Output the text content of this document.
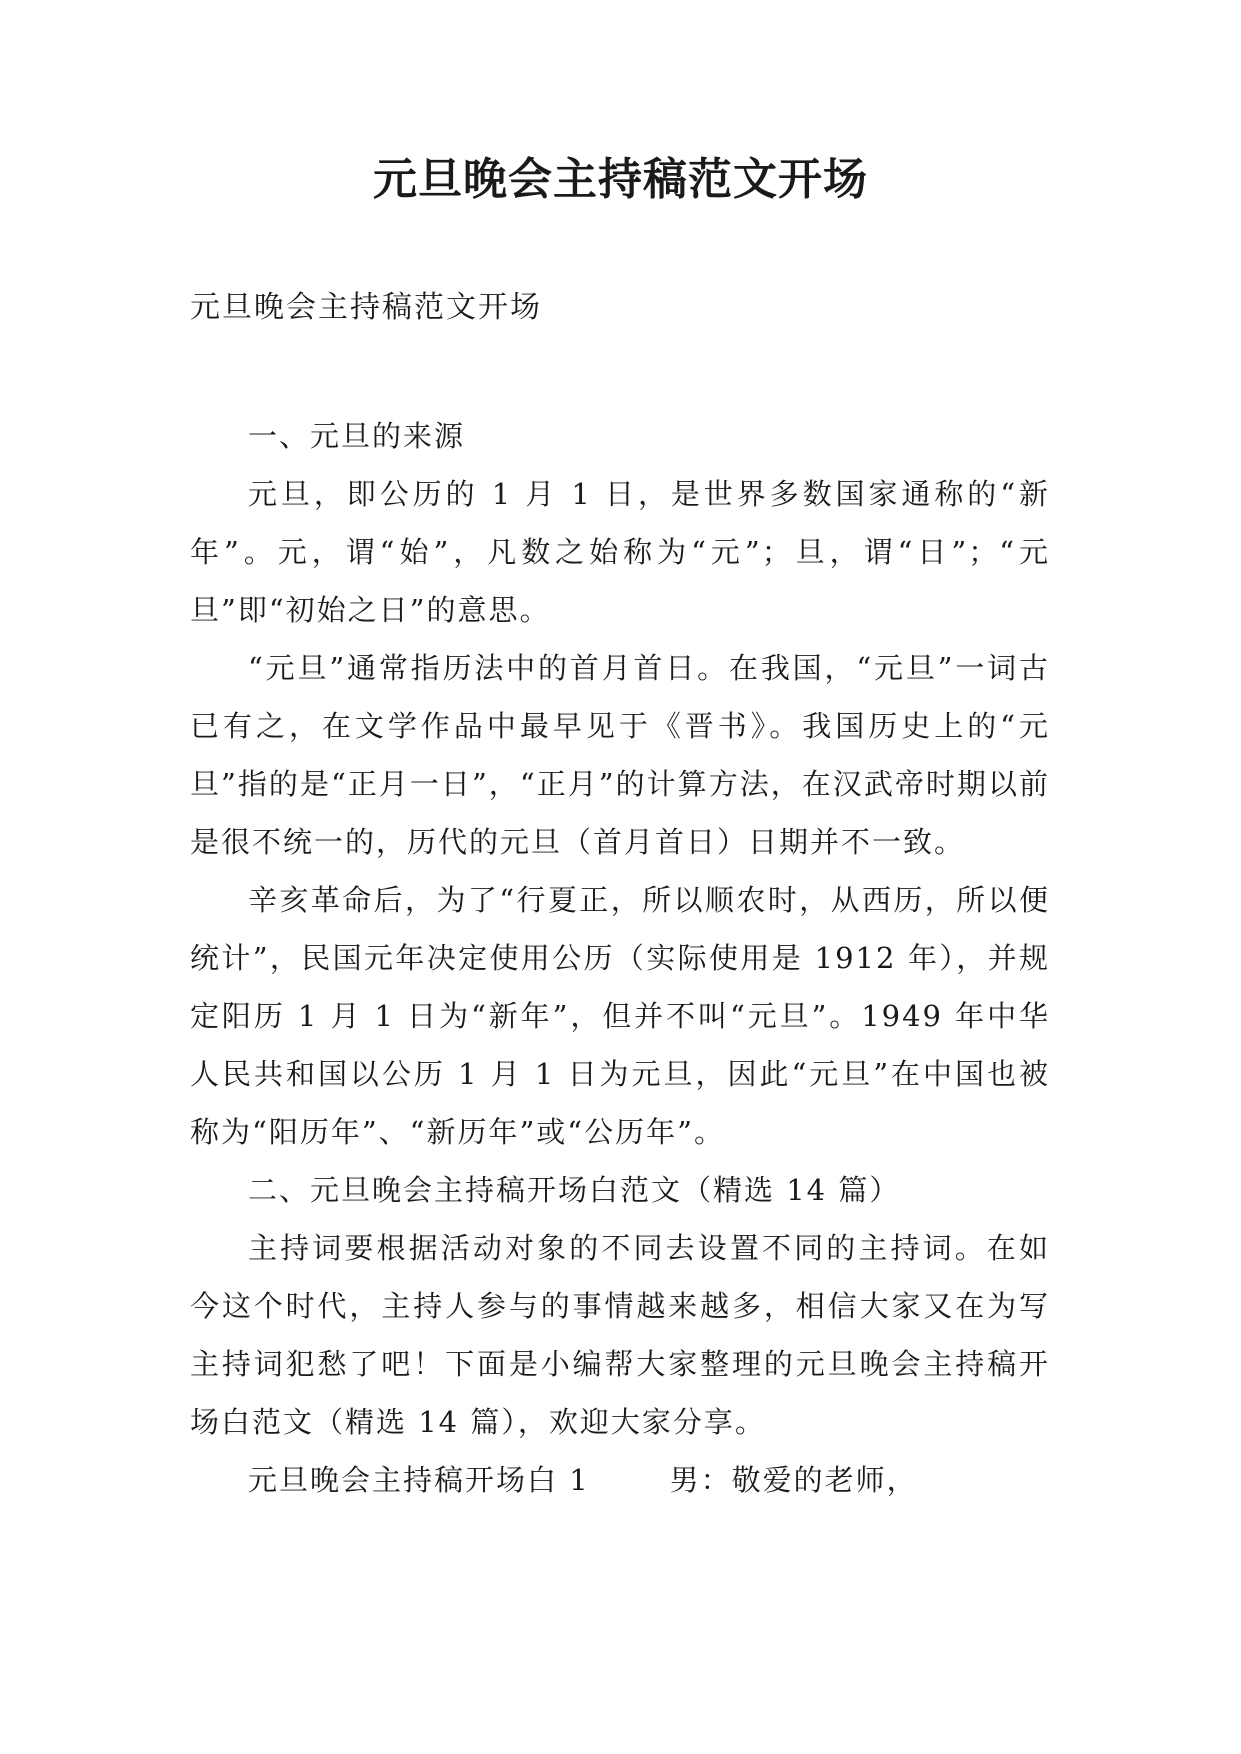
元旦晚会主持稿范文开场

元旦晚会主持稿范文开场

一、元旦的来源

元旦，即公历的 1 月 1 日，是世界多数国家通称的“新年”。元，谓“始”，凡数之始称为“元”；旦，谓“日”；“元旦”即“初始之日”的意思。

“元旦”通常指历法中的首月首日。在我国，“元旦”一词古已有之，在文学作品中最早见于《晋书》。我国历史上的“元旦”指的是“正月一日”，“正月”的计算方法，在汉武帝时期以前是很不统一的，历代的元旦（首月首日）日期并不一致。

辛亥革命后，为了“行夏正，所以顺农时，从西历，所以便统计”，民国元年决定使用公历（实际使用是 1912 年），并规定阳历 1 月 1 日为“新年”，但并不叫“元旦”。1949 年中华人民共和国以公历 1 月 1 日为元旦，因此“元旦”在中国也被称为“阳历年”、“新历年”或“公历年”。

二、元旦晚会主持稿开场白范文（精选 14 篇）

主持词要根据活动对象的不同去设置不同的主持词。在如今这个时代，主持人参与的事情越来越多，相信大家又在为写主持词犯愁了吧！下面是小编帮大家整理的元旦晚会主持稿开场白范文（精选 14 篇），欢迎大家分享。

元旦晚会主持稿开场白 1	男：敬爱的老师，
